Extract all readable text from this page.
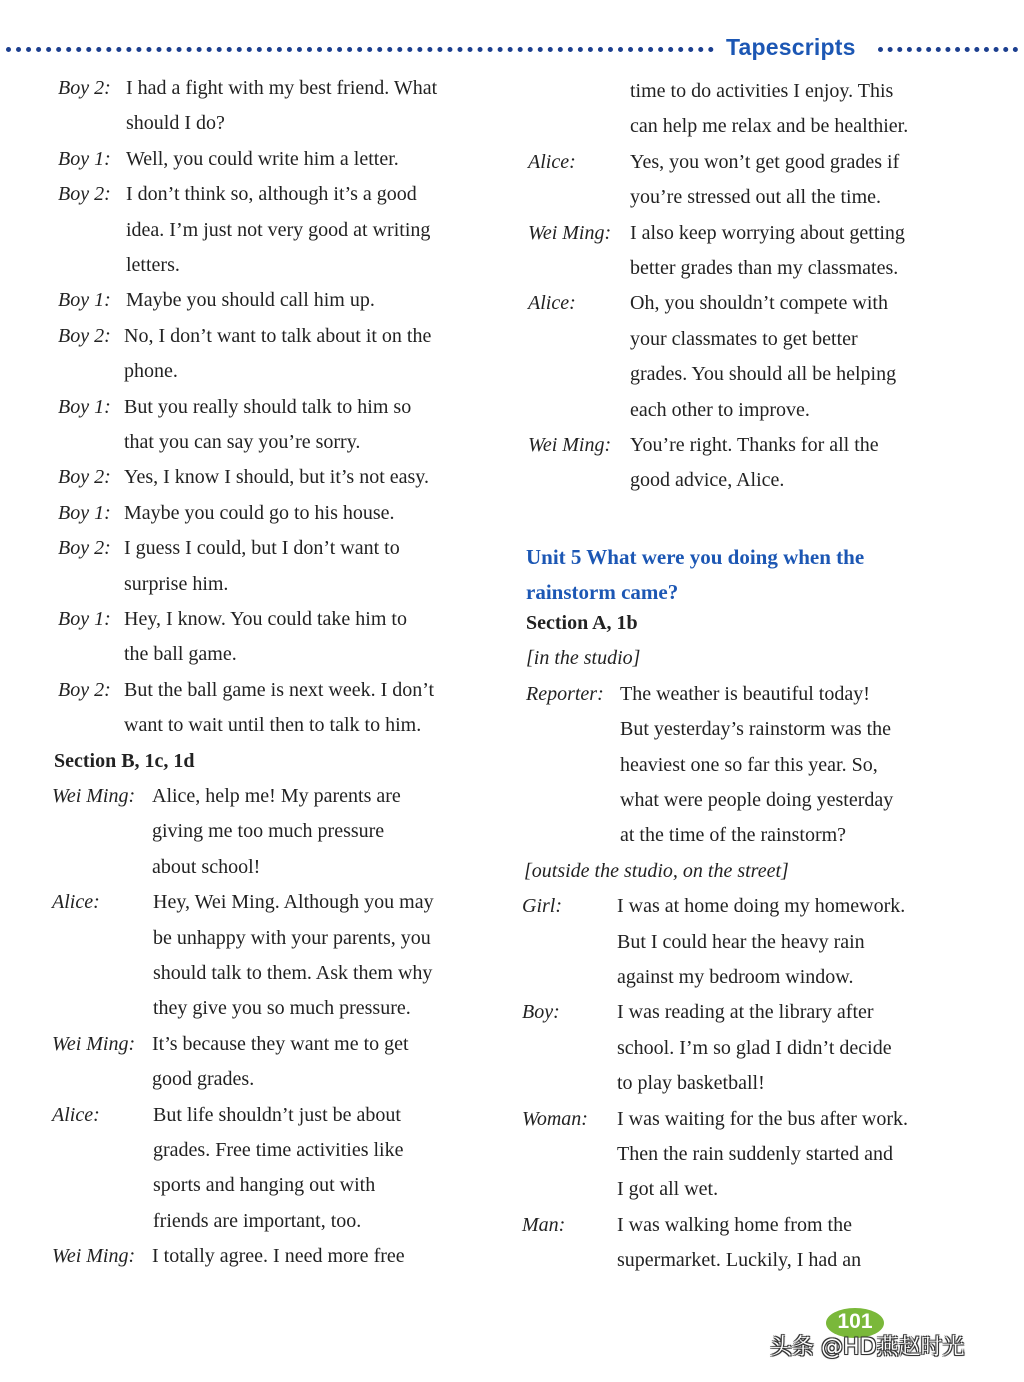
Tapescripts
Boy 2: I had a fight with my best friend. What
should I do?
Boy 1: Well, you could write him a letter.
Boy 2: I don’t think so, although it’s a good
idea. I’m just not very good at writing
letters.
Boy 1: Maybe you should call him up.
Boy 2: No, I don’t want to talk about it on the
phone.
Boy 1: But you really should talk to him so
that you can say you’re sorry.
Boy 2: Yes, I know I should, but it’s not easy.
Boy 1: Maybe you could go to his house.
Boy 2: I guess I could, but I don’t want to
surprise him.
Boy 1: Hey, I know. You could take him to
the ball game.
Boy 2: But the ball game is next week. I don’t
want to wait until then to talk to him.
Section B, 1c, 1d
Wei Ming: Alice, help me! My parents are
giving me too much pressure
about school!
Alice:	Hey, Wei Ming. Although you may
be unhappy with your parents, you
should talk to them. Ask them why
they give you so much pressure.
Wei Ming: It’s because they want me to get
good grades.
Alice:	But life shouldn’t just be about
grades. Free time activities like
sports and hanging out with
friends are important, too.
Wei Ming: I totally agree. I need more free
time to do activities I enjoy. This
can help me relax and be healthier.
Alice:	Yes, you won’t get good grades if
you’re stressed out all the time.
Wei Ming: I also keep worrying about getting
better grades than my classmates.
Alice:	Oh, you shouldn’t compete with
your classmates to get better
grades. You should all be helping
each other to improve.
Wei Ming: You’re right. Thanks for all the
good advice, Alice.
Unit 5 What were you doing when the
rainstorm came?
Section A, 1b
[in the studio]
Reporter: The weather is beautiful today!
But yesterday’s rainstorm was the
heaviest one so far this year. So,
what were people doing yesterday
at the time of the rainstorm?
[outside the studio, on the street]
Girl:	I was at home doing my homework.
But I could hear the heavy rain
against my bedroom window.
Boy:	I was reading at the library after
school. I’m so glad I didn’t decide
to play basketball!
Woman: I was waiting for the bus after work.
Then the rain suddenly started and
I got all wet.
Man:	I was walking home from the
supermarket. Luckily, I had an
101
头条 @HD燕赵时光
